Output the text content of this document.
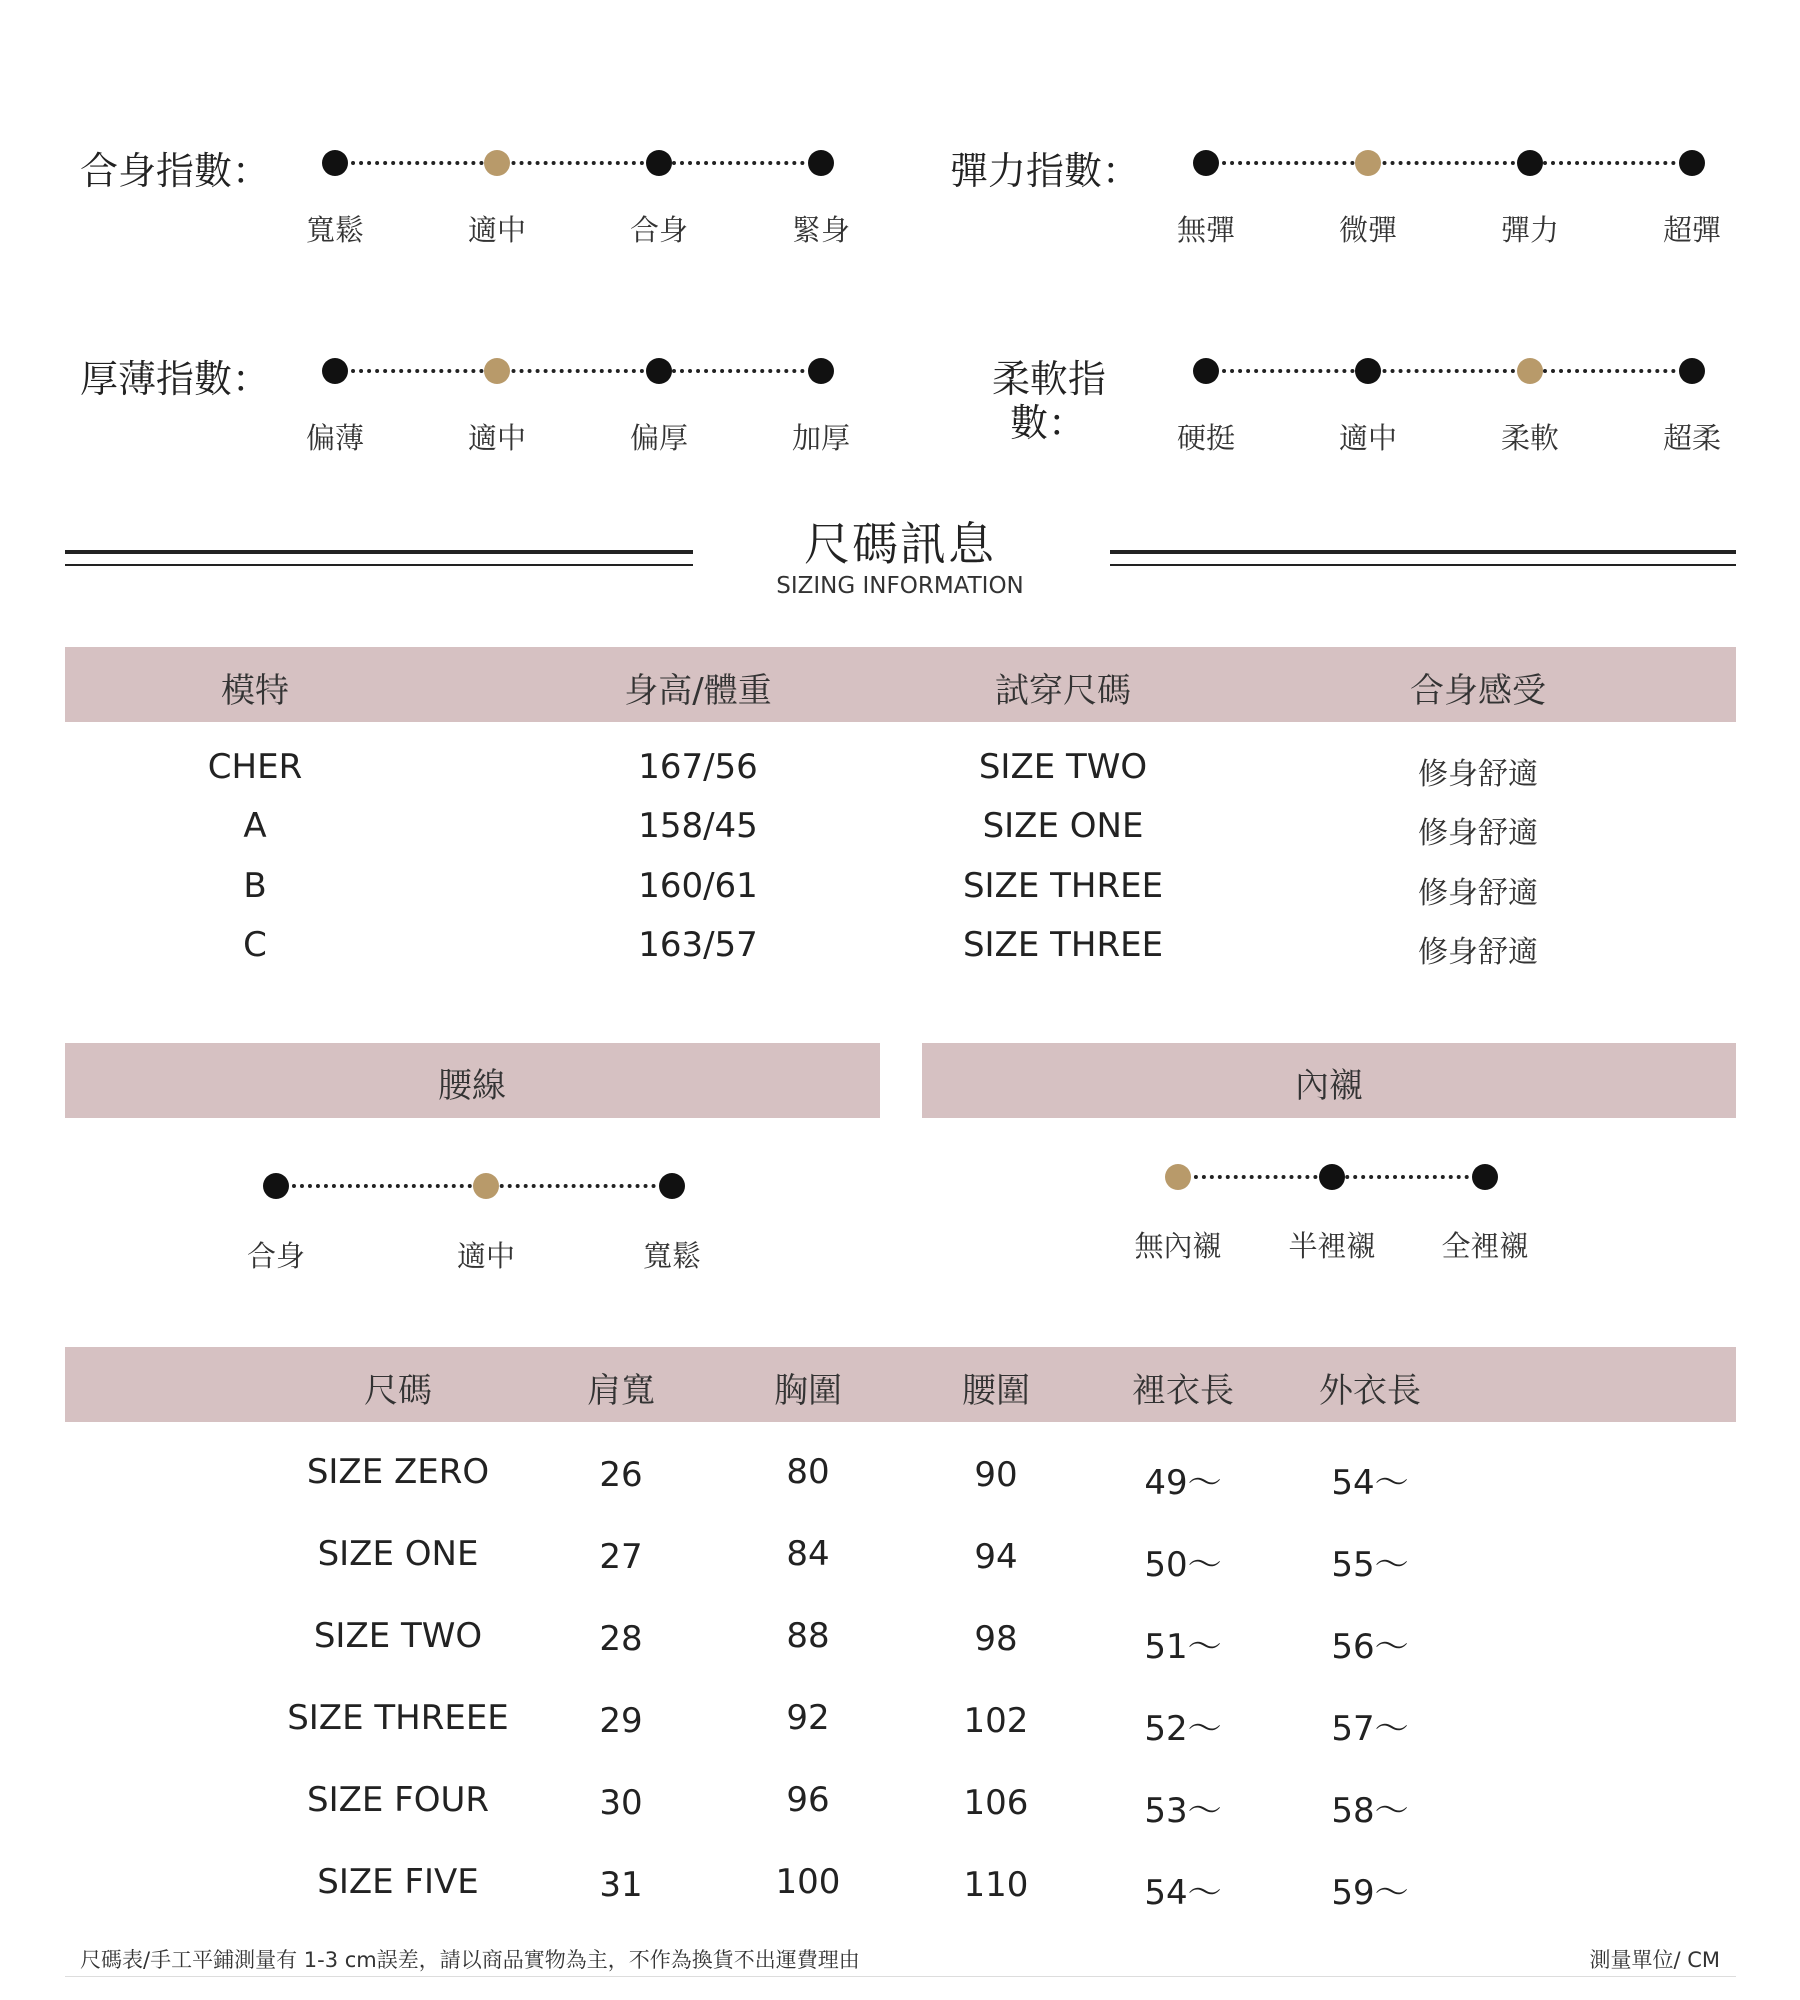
合身指數：
寬鬆	適中	合身	緊身
彈力指數：
無彈	微彈	彈力	超彈
厚薄指數：
偏薄	適中	偏厚	加厚
柔軟指
數：	硬挺	適中	柔軟	超柔
尺碼訊息
SIZING INFORMATION
模特	身高/體重	試穿尺碼	合身感受
CHER	167/56	SIZE TWO	修身舒適
A	158/45	SIZE ONE	修身舒適
B	160/61	SIZE THREE	修身舒適
C	163/57	SIZE THREE	修身舒適
腰線	內襯
合身	適中	寬鬆	無內襯 半裡襯 全裡襯
尺碼	肩寬	胸圍	腰圍	裡衣長	外衣長
SIZE ZERO	26	80	90	49～	54～
SIZE ONE	27	84	94	50～	55～
SIZE TWO	28	88	98	51～	56～
SIZE THREEE	29	92	102	52～	57～
SIZE FOUR	30	96	106	53～	58～
SIZE FIVE	31	100	110	54～	59～
尺碼表/手工平鋪測量有 1-3 cm誤差，請以商品實物為主，不作為換貨不出運費理由	測量單位/ CM
